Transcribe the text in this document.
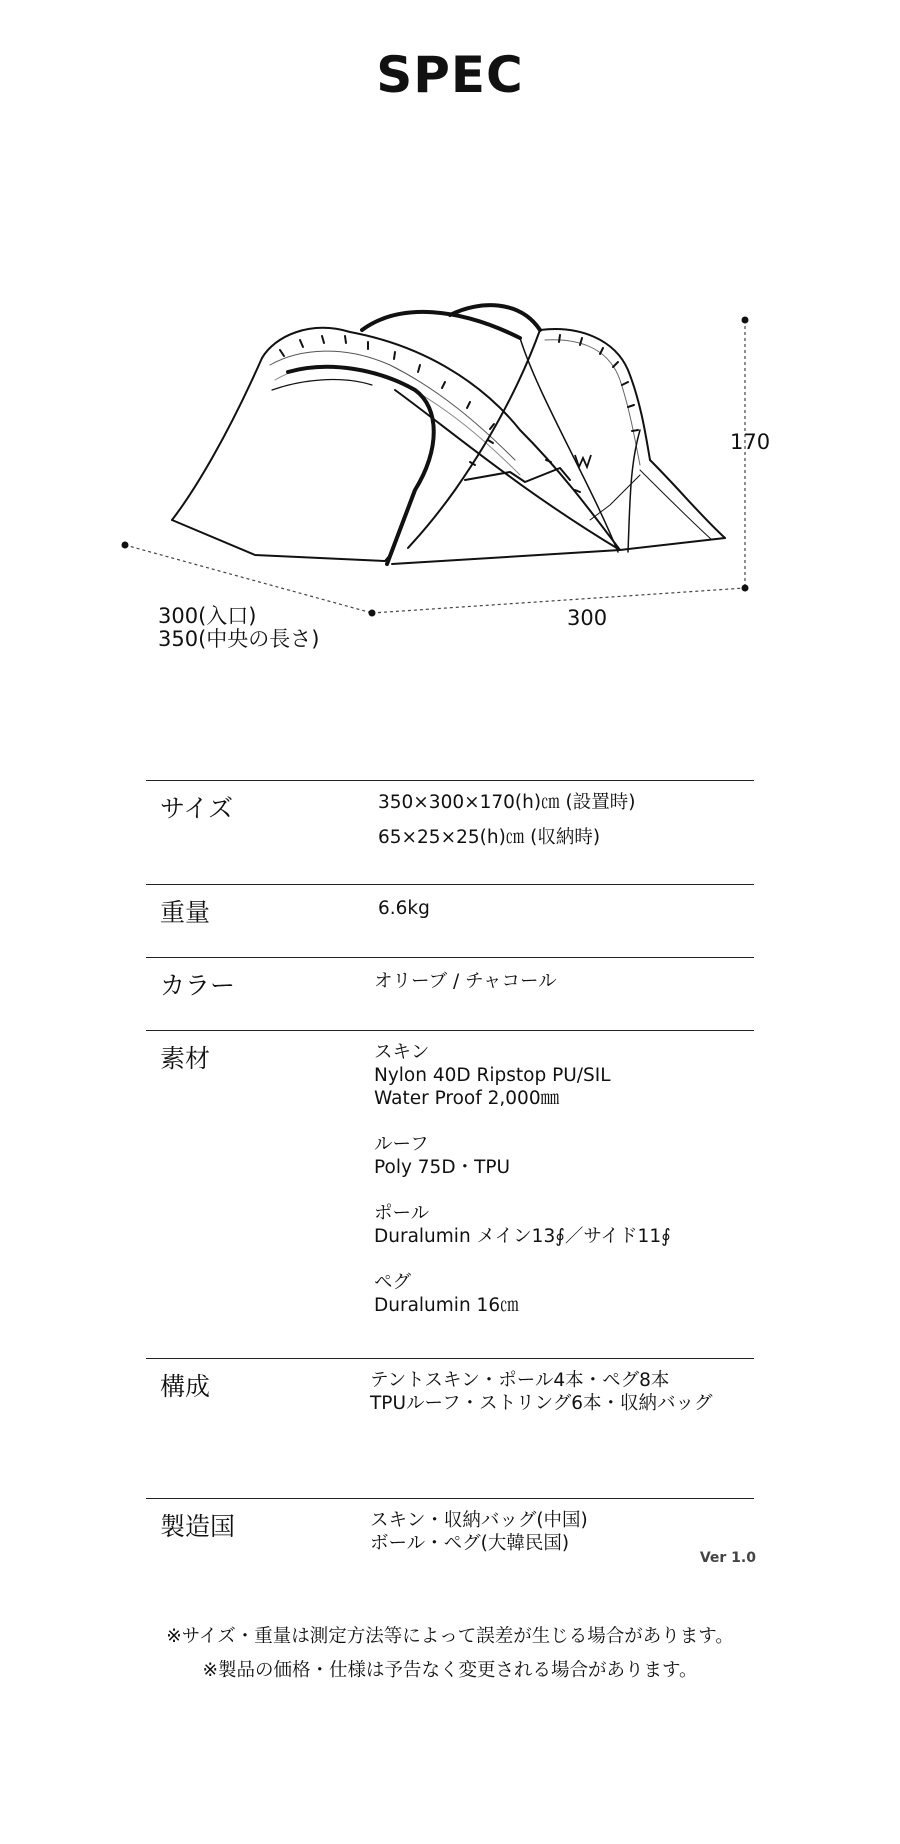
SPEC
170
300
300(入口)
350(中央の長さ)
サイズ	350×300×170(h)㎝ (設置時)
65×25×25(h)㎝ (収納時)
重量	6.6kg
カラー	オリーブ / チャコール
素材	スキン
Nylon 40D Ripstop PU/SIL
Water Proof 2,000㎜
ルーフ
Poly 75D・TPU
ポール
Duralumin メイン13∮／サイド11∮
ペグ
Duralumin 16㎝
構成	テントスキン・ポール4本・ペグ8本
TPUルーフ・ストリング6本・収納バッグ
製造国	スキン・収納バッグ(中国)
ボール・ペグ(大韓民国)
Ver 1.0
※サイズ・重量は測定方法等によって誤差が生じる場合があります。
※製品の価格・仕様は予告なく変更される場合があります。
